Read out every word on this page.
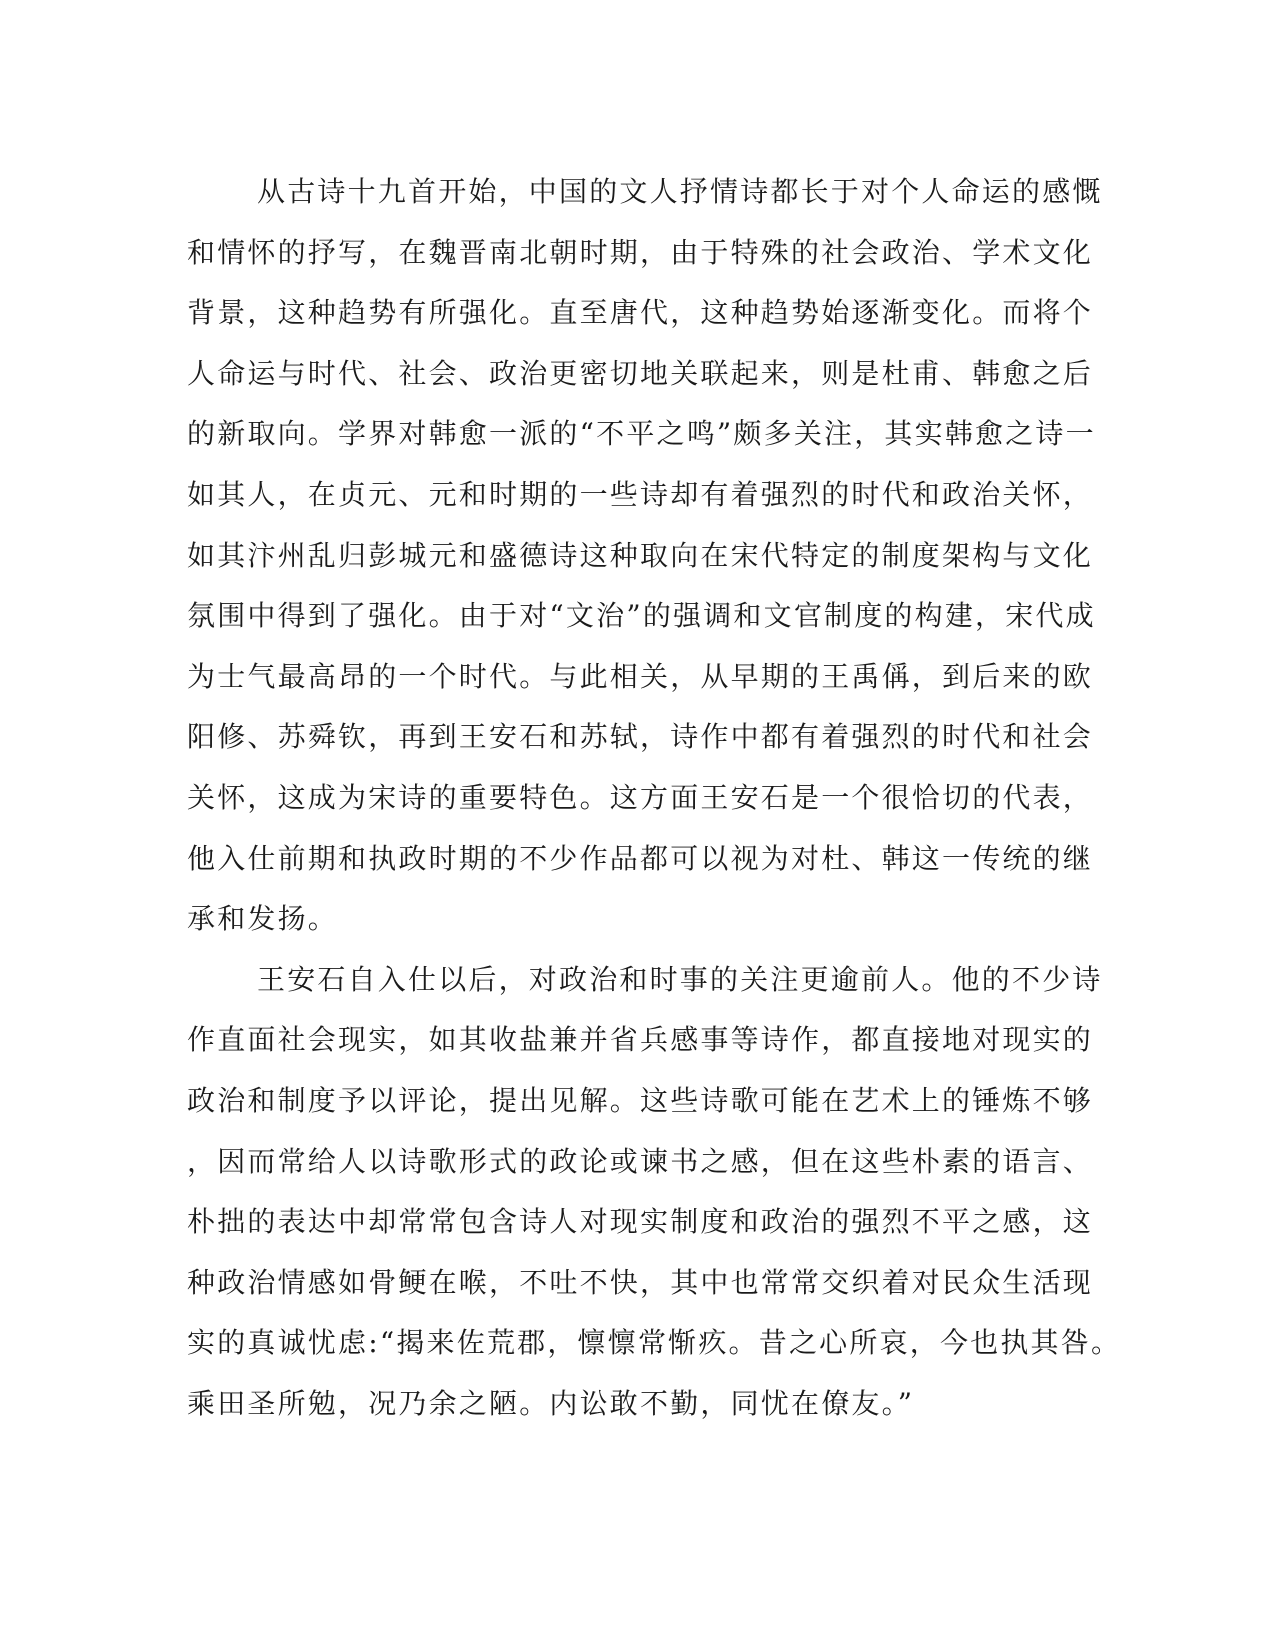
从古诗十九首开始，中国的文人抒情诗都长于对个人命运的感慨
和情怀的抒写，在魏晋南北朝时期，由于特殊的社会政治、学术文化
背景，这种趋势有所强化。直至唐代，这种趋势始逐渐变化。而将个
人命运与时代、社会、政治更密切地关联起来，则是杜甫、韩愈之后
的新取向。学界对韩愈一派的“不平之鸣”颇多关注，其实韩愈之诗一
如其人，在贞元、元和时期的一些诗却有着强烈的时代和政治关怀，
如其汴州乱归彭城元和盛德诗这种取向在宋代特定的制度架构与文化
氛围中得到了强化。由于对“文治”的强调和文官制度的构建，宋代成
为士气最高昂的一个时代。与此相关，从早期的王禹偁，到后来的欧
阳修、苏舜钦，再到王安石和苏轼，诗作中都有着强烈的时代和社会
关怀，这成为宋诗的重要特色。这方面王安石是一个很恰切的代表，
他入仕前期和执政时期的不少作品都可以视为对杜、韩这一传统的继
承和发扬。
王安石自入仕以后，对政治和时事的关注更逾前人。他的不少诗
作直面社会现实，如其收盐兼并省兵感事等诗作，都直接地对现实的
政治和制度予以评论，提出见解。这些诗歌可能在艺术上的锤炼不够
，因而常给人以诗歌形式的政论或谏书之感，但在这些朴素的语言、
朴拙的表达中却常常包含诗人对现实制度和政治的强烈不平之感，这
种政治情感如骨鲠在喉，不吐不快，其中也常常交织着对民众生活现
实的真诚忧虑:“揭来佐荒郡，懔懔常惭疚。昔之心所哀，今也执其咎。
乘田圣所勉，况乃余之陋。内讼敢不勤，同忧在僚友。”
